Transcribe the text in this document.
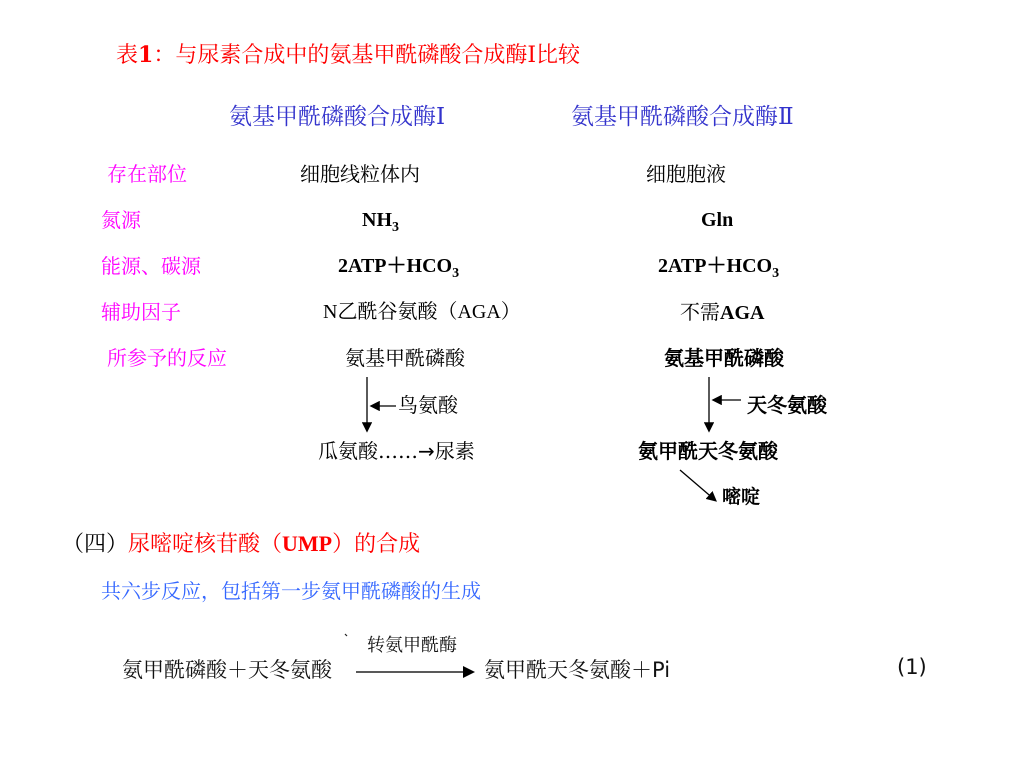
表1：与尿素合成中的氨基甲酰磷酸合成酶Ⅰ比较
氨基甲酰磷酸合成酶Ⅰ	氨基甲酰磷酸合成酶Ⅱ
存在部位	细胞线粒体内	细胞胞液
氮源	$NH_3$	Gln
能源、碳源	$2ATP+HCO_3$	$2ATP+HCO_3$
辅助因子	N乙酰谷氨酸（AGA）	不需AGA
所参予的反应	氨基甲酰磷酸	氨基甲酰磷酸
鸟氨酸	天冬氨酸
瓜氨酸……→尿素	氨甲酰天冬氨酸
嘧啶
（四）尿嘧啶核苷酸（UMP）的合成
共六步反应，包括第一步氨甲酰磷酸的生成
氨甲酰磷酸＋天冬氨酸
转氨甲酰酶
氨甲酰天冬氨酸＋Pi	(1)
